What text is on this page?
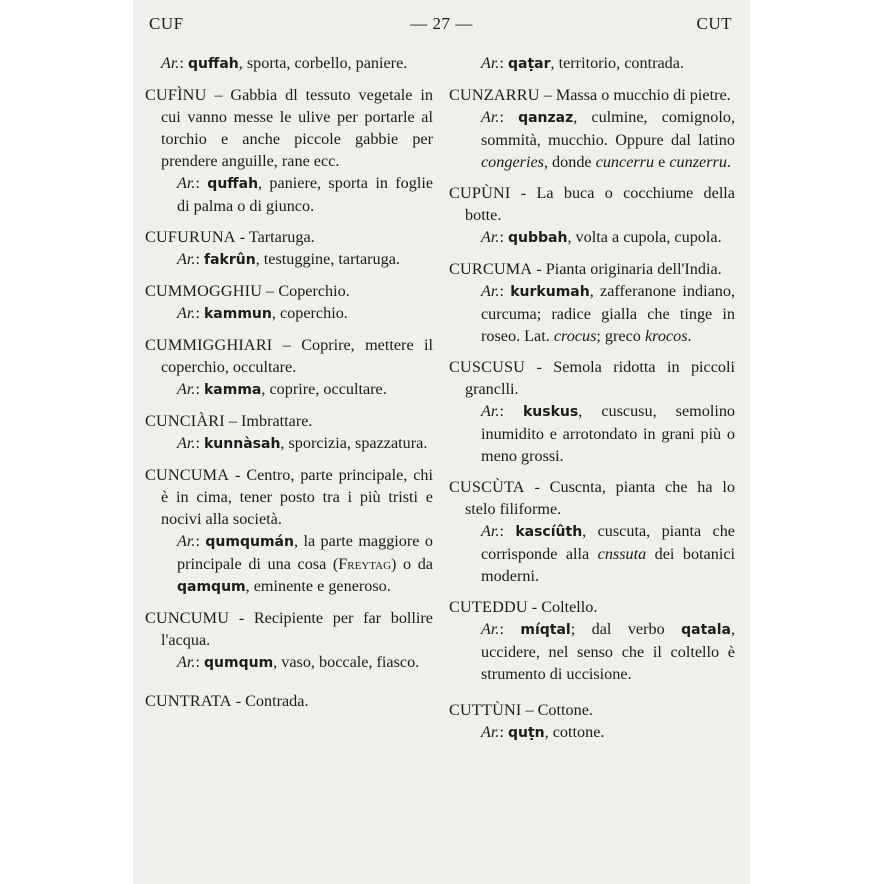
CUF	— 27 —	CUT
Ar.: quffah, sporta, corbello, paniere.
CUFÌNU – Gabbia dl tessuto vegetale in cui vanno messe le ulive per portarle al torchio e anche piccole gabbie per prendere anguille, rane ecc.
Ar.: quffah, paniere, sporta in foglie di palma o di giunco.
CUFURUNA - Tartaruga.
Ar.: fakrûn, testuggine, tartaruga.
CUMMOGGHIU – Coperchio.
Ar.: kammun, coperchio.
CUMMIGGHIARI – Coprire, mettere il coperchio, occultare.
Ar.: kamma, coprire, occultare.
CUNCIÀRI – Imbrattare.
Ar.: kunnàsah, sporcizia, spazzatura.
CUNCUMA - Centro, parte principale, chi è in cima, tener posto tra i più tristi e nocivi alla società.
Ar.: qumqumán, la parte maggiore o principale di una cosa (Freytag) o da qamqum, eminente e generoso.
CUNCUMU - Recipiente per far bollire l'acqua.
Ar.: qumqum, vaso, boccale, fiasco.
CUNTRATA - Contrada.
Ar.: qaṭar, territorio, contrada.
CUNZARRU – Massa o mucchio di pietre.
Ar.: qanzaz, culmine, comignolo, sommità, mucchio. Oppure dal latino congeries, donde cuncerru e cunzerru.
CUPÙNI - La buca o cocchiume della botte.
Ar.: qubbah, volta a cupola, cupola.
CURCUMA - Pianta originaria dell'India.
Ar.: kurkumah, zafferanone indiano, curcuma; radice gialla che tinge in roseo. Lat. crocus; greco krocos.
CUSCUSU - Semola ridotta in piccoli granclli.
Ar.: kuskus, cuscusu, semolino inumidito e arrotondato in grani più o meno grossi.
CUSCÙTA - Cuscnta, pianta che ha lo stelo filiforme.
Ar.: kascíûth, cuscuta, pianta che corrisponde alla cnssuta dei botanici moderni.
CUTEDDU - Coltello.
Ar.: míqtal; dal verbo qatala, uccidere, nel senso che il coltello è strumento di uccisione.
CUTTÙNI – Cottone.
Ar.: quṭn, cottone.
